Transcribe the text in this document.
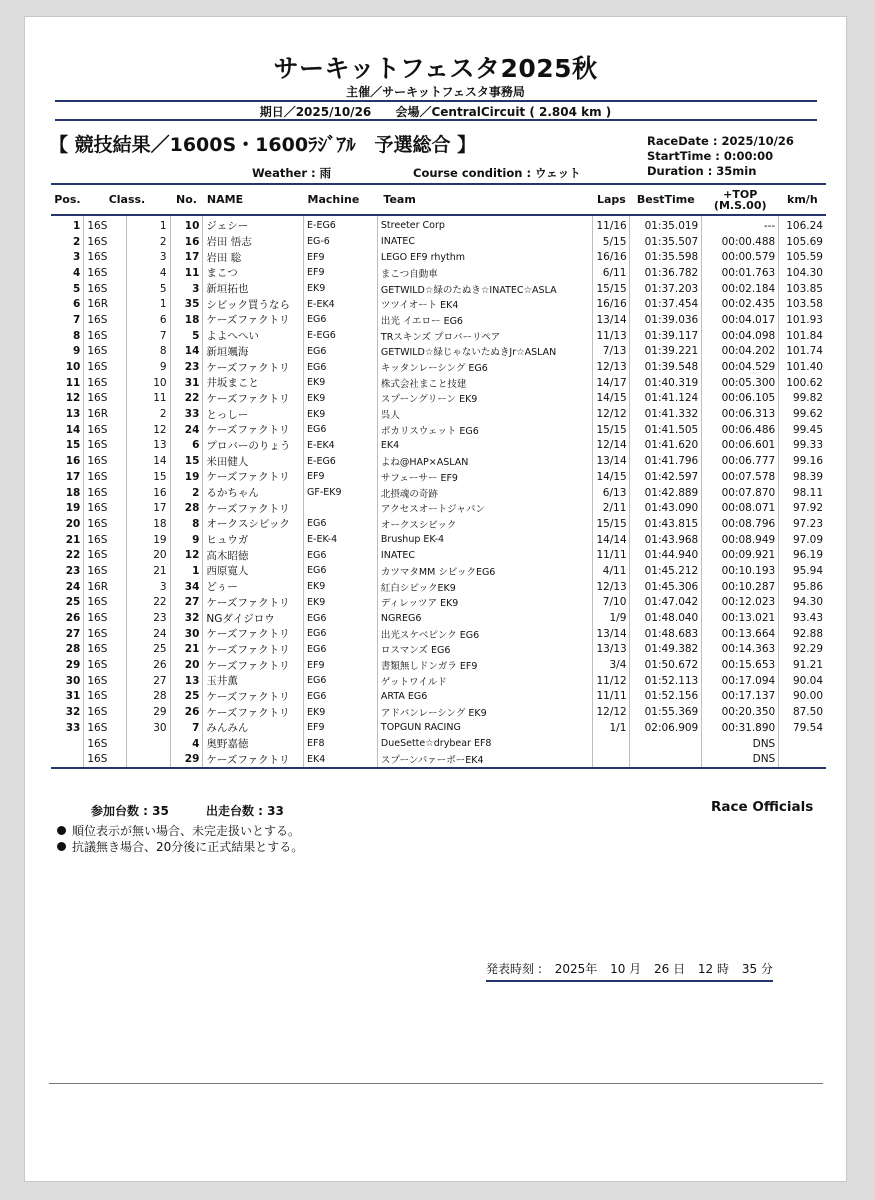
サーキットフェスタ2025秋
主催／サーキットフェスタ事務局
期日／2025/10/26 会場／CentralCircuit ( 2.804 km )
【 競技結果／1600S・1600ﾗｼﾞｱﾙ　予選総合 】	RaceDate : 2025/10/26
StartTime : 0:00:00
Duration : 35min
Weather : 雨	Course condition : ウェット
Pos.	Class.		No.	NAME	Machine	Team	Laps	BestTime	+TOP
(M.S.00)	km/h
1	16S	1	10	ジェシー	E-EG6	Streeter Corp	11/16	01:35.019	---	106.24
2	16S	2	16	岩田 悟志	EG-6	INATEC	5/15	01:35.507	00:00.488	105.69
3	16S	3	17	岩田 聡	EF9	LEGO EF9 rhythm	16/16	01:35.598	00:00.579	105.59
4	16S	4	11	まこつ	EF9	まこつ自動車	6/11	01:36.782	00:01.763	104.30
5	16S	5	3	新垣拓也	EK9	GETWILD☆緑のたぬき☆INATEC☆ASLA	15/15	01:37.203	00:02.184	103.85
6	16R	1	35	シビック買うなら	E-EK4	ツツイオート EK4	16/16	01:37.454	00:02.435	103.58
7	16S	6	18	ケーズファクトリ	EG6	出光 イエロー EG6	13/14	01:39.036	00:04.017	101.93
8	16S	7	5	よよへへい	E-EG6	TRスキンズ プロバーリペア	11/13	01:39.117	00:04.098	101.84
9	16S	8	14	新垣颯海	EG6	GETWILD☆緑じゃないたぬきJr☆ASLAN	7/13	01:39.221	00:04.202	101.74
10	16S	9	23	ケーズファクトリ	EG6	キッタンレーシング EG6	12/13	01:39.548	00:04.529	101.40
11	16S	10	31	井坂まこと	EK9	株式会社まこと技建	14/17	01:40.319	00:05.300	100.62
12	16S	11	22	ケーズファクトリ	EK9	スプーングリーン EK9	14/15	01:41.124	00:06.105	99.82
13	16R	2	33	とっしー	EK9	呉人	12/12	01:41.332	00:06.313	99.62
14	16S	12	24	ケーズファクトリ	EG6	ポカリスウェット EG6	15/15	01:41.505	00:06.486	99.45
15	16S	13	6	プロバーのりょう	E-EK4	EK4	12/14	01:41.620	00:06.601	99.33
16	16S	14	15	米田健人	E-EG6	よね@HAP×ASLAN	13/14	01:41.796	00:06.777	99.16
17	16S	15	19	ケーズファクトリ	EF9	サフェーサー EF9	14/15	01:42.597	00:07.578	98.39
18	16S	16	2	るかちゃん	GF-EK9	北摂魂の奇跡	6/13	01:42.889	00:07.870	98.11
19	16S	17	28	ケーズファクトリ		アクセスオートジャパン	2/11	01:43.090	00:08.071	97.92
20	16S	18	8	オークスシビック	EG6	オークスシビック	15/15	01:43.815	00:08.796	97.23
21	16S	19	9	ヒュウガ	E-EK-4	Brushup EK-4	14/14	01:43.968	00:08.949	97.09
22	16S	20	12	高木昭徳	EG6	INATEC	11/11	01:44.940	00:09.921	96.19
23	16S	21	1	西原寛人	EG6	カツマタMM シビックEG6	4/11	01:45.212	00:10.193	95.94
24	16R	3	34	どぅー	EK9	紅白シビックEK9	12/13	01:45.306	00:10.287	95.86
25	16S	22	27	ケーズファクトリ	EK9	ディレッツア EK9	7/10	01:47.042	00:12.023	94.30
26	16S	23	32	NGダイジロウ	EG6	NGREG6	1/9	01:48.040	00:13.021	93.43
27	16S	24	30	ケーズファクトリ	EG6	出光スケベピンク EG6	13/14	01:48.683	00:13.664	92.88
28	16S	25	21	ケーズファクトリ	EG6	ロスマンズ EG6	13/13	01:49.382	00:14.363	92.29
29	16S	26	20	ケーズファクトリ	EF9	書類無しドンガラ EF9	3/4	01:50.672	00:15.653	91.21
30	16S	27	13	玉井薫	EG6	ゲットワイルド	11/12	01:52.113	00:17.094	90.04
31	16S	28	25	ケーズファクトリ	EG6	ARTA EG6	11/11	01:52.156	00:17.137	90.00
32	16S	29	26	ケーズファクトリ	EK9	アドバンレーシング EK9	12/12	01:55.369	00:20.350	87.50
33	16S	30	7	みんみん	EF9	TOPGUN RACING	1/1	02:06.909	00:31.890	79.54
	16S		4	奥野嘉徳	EF8	DueSette☆drybear EF8			DNS	
	16S		29	ケーズファクトリ	EK4	スプーンパァーボーEK4			DNS	

参加台数 : 35	出走台数 : 33	Race Officials
順位表示が無い場合、未完走扱いとする。
抗議無き場合、20分後に正式結果とする。
発表時刻 : 2025年 10 月 26 日 12 時 35 分
